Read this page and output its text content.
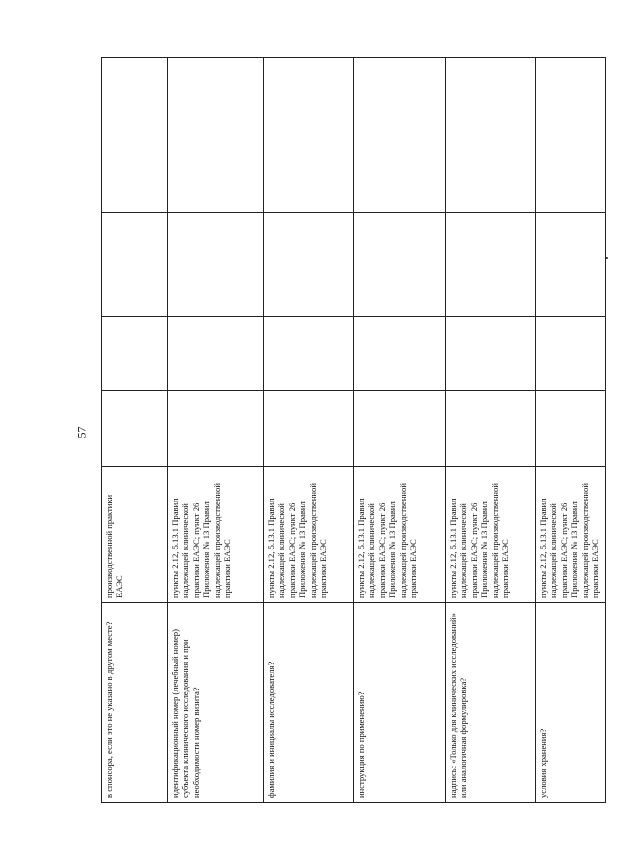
57
в спонсора, если это не указано в другом месте?	производственной практики ЕАЭС				
идентификационный номер (лечебный номер) субъекта клинического исследования и при необходимости номер визита?	пункты 2.12, 5.13.1 Правил надлежащей клинической практики ЕАЭС; пункт 26 Приложения № 13 Правил надлежащей производственной практики ЕАЭС				
фамилия и инициалы исследователя?	пункты 2.12, 5.13.1 Правил надлежащей клинической практики ЕАЭС; пункт 26 Приложения № 13 Правил надлежащей производственной практики ЕАЭС				
инструкция по применению?	пункты 2.12, 5.13.1 Правил надлежащей клинической практики ЕАЭС; пункт 26 Приложения № 13 Правил надлежащей производственной практики ЕАЭС				
надпись: «Только для клинических исследований» или аналогичная формулировка?	пункты 2.12, 5.13.1 Правил надлежащей клинической практики ЕАЭС; пункт 26 Приложения № 13 Правил надлежащей производственной практики ЕАЭС				
условия хранения?	пункты 2.12, 5.13.1 Правил надлежащей клинической практики ЕАЭС; пункт 26 Приложения № 13 Правил надлежащей производственной практики ЕАЭС				
